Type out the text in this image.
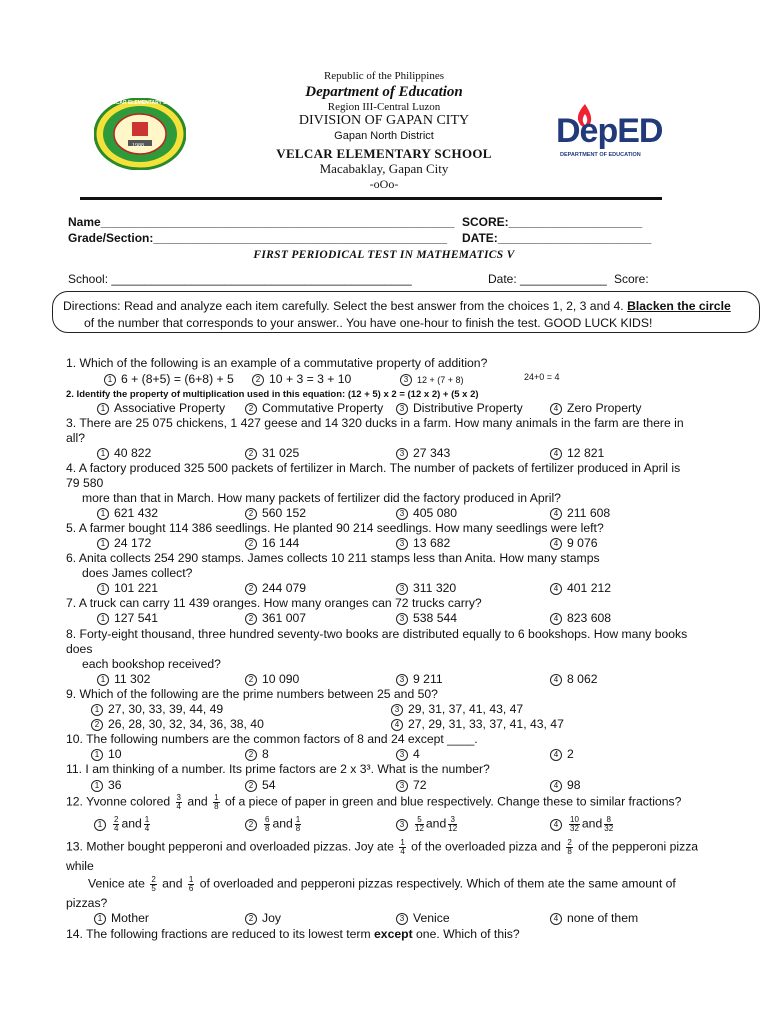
1988
VELCAR ELEMENTARY SCHOOL
DepED
DEPARTMENT OF EDUCATION
Republic of the Philippines
Department of Education
Region III-Central Luzon
DIVISION OF GAPAN CITY
Gapan North District
VELCAR ELEMENTARY SCHOOL
Macabaklay, Gapan City
-oOo-
Name_____________________________________________________ SCORE:____________________
Grade/Section:____________________________________________ DATE:_______________________
FIRST PERIODICAL TEST IN MATHEMATICS V
School: _____________________________________________	Date: _____________ Score:
Directions: Read and analyze each item carefully. Select the best answer from the choices 1, 2, 3 and 4. Blacken the circle
of the number that corresponds to your answer.. You have one-hour to finish the test. GOOD LUCK KIDS!
1. Which of the following is an example of a commutative property of addition?
1 6 + (8+5) = (6+8) + 5	2 10 + 3 = 3 + 10	3 12 + (7 + 8)	24+0 = 4
2. Identify the property of multiplication used in this equation: (12 + 5) x 2 = (12 x 2) + (5 x 2)
1 Associative Property	2 Commutative Property	3 Distributive Property	4 Zero Property
3. There are 25 075 chickens, 1 427 geese and 14 320 ducks in a farm. How many animals in the farm are there in
all?
1 40 822	2 31 025	3 27 343	4 12 821
4. A factory produced 325 500 packets of fertilizer in March. The number of packets of fertilizer produced in April is
79 580
more than that in March. How many packets of fertilizer did the factory produced in April?
1 621 432	2 560 152	3 405 080	4 211 608
5. A farmer bought 114 386 seedlings. He planted 90 214 seedlings. How many seedlings were left?
1 24 172	2 16 144	3 13 682	4 9 076
6. Anita collects 254 290 stamps. James collects 10 211 stamps less than Anita. How many stamps
does James collect?
1 101 221	2 244 079	3 311 320	4 401 212
7. A truck can carry 11 439 oranges. How many oranges can 72 trucks carry?
1 127 541	2 361 007	3 538 544	4 823 608
8. Forty-eight thousand, three hundred seventy-two books are distributed equally to 6 bookshops. How many books
does
each bookshop received?
1 11 302	2 10 090	3 9 211	4 8 062
9. Which of the following are the prime numbers between 25 and 50?
1 27, 30, 33, 39, 44, 49	3 29, 31, 37, 41, 43, 47
2 26, 28, 30, 32, 34, 36, 38, 40	4 27, 29, 31, 33, 37, 41, 43, 47
10. The following numbers are the common factors of 8 and 24 except ____.
1 10	2 8	3 4	4 2
11. I am thinking of a number. Its prime factors are 2 x 3³. What is the number?
1 36	2 54	3 72	4 98
12. Yvonne colored $\frac{3}{4}$ and $\frac{1}{8}$ of a piece of paper in green and blue respectively. Change these to similar fractions?
$1 \frac{2}{4}$ and $\frac{1}{4}$	$2 \frac{6}{8}$ and $\frac{1}{8}$	$3 \frac{5}{12}$ and $\frac{3}{12}$	$4 \frac{10}{32}$ and $\frac{8}{32}$
13. Mother bought pepperoni and overloaded pizzas. Joy ate $\frac{1}{4}$ of the overloaded pizza and $\frac{2}{8}$ of the pepperoni pizza
while
Venice ate $\frac{2}{5}$ and $\frac{1}{6}$ of overloaded and pepperoni pizzas respectively. Which of them ate the same amount of
pizzas?
1 Mother	2 Joy	3 Venice	4 none of them
14. The following fractions are reduced to its lowest term except one. Which of this?
